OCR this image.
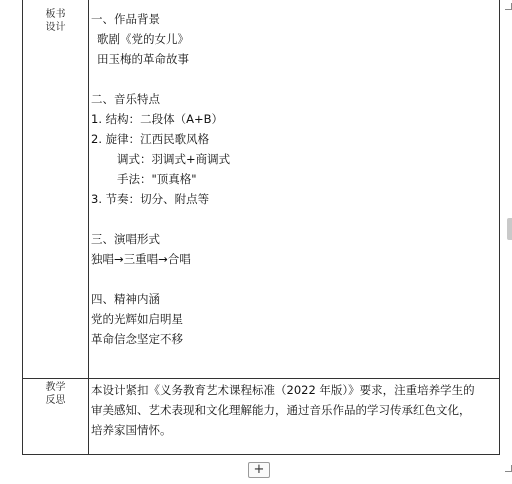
板书
设计
一、作品背景
歌剧《党的女儿》
田玉梅的革命故事
二、音乐特点
1. 结构：二段体（A+B）
2. 旋律：江西民歌风格
调式：羽调式+商调式
手法："顶真格"
3. 节奏：切分、附点等
三、演唱形式
独唱→三重唱→合唱
四、精神内涵
党的光辉如启明星
革命信念坚定不移
教学
反思
本设计紧扣《义务教育艺术课程标准（2022 年版）》要求，注重培养学生的
审美感知、艺术表现和文化理解能力，通过音乐作品的学习传承红色文化，
培养家国情怀。
+
